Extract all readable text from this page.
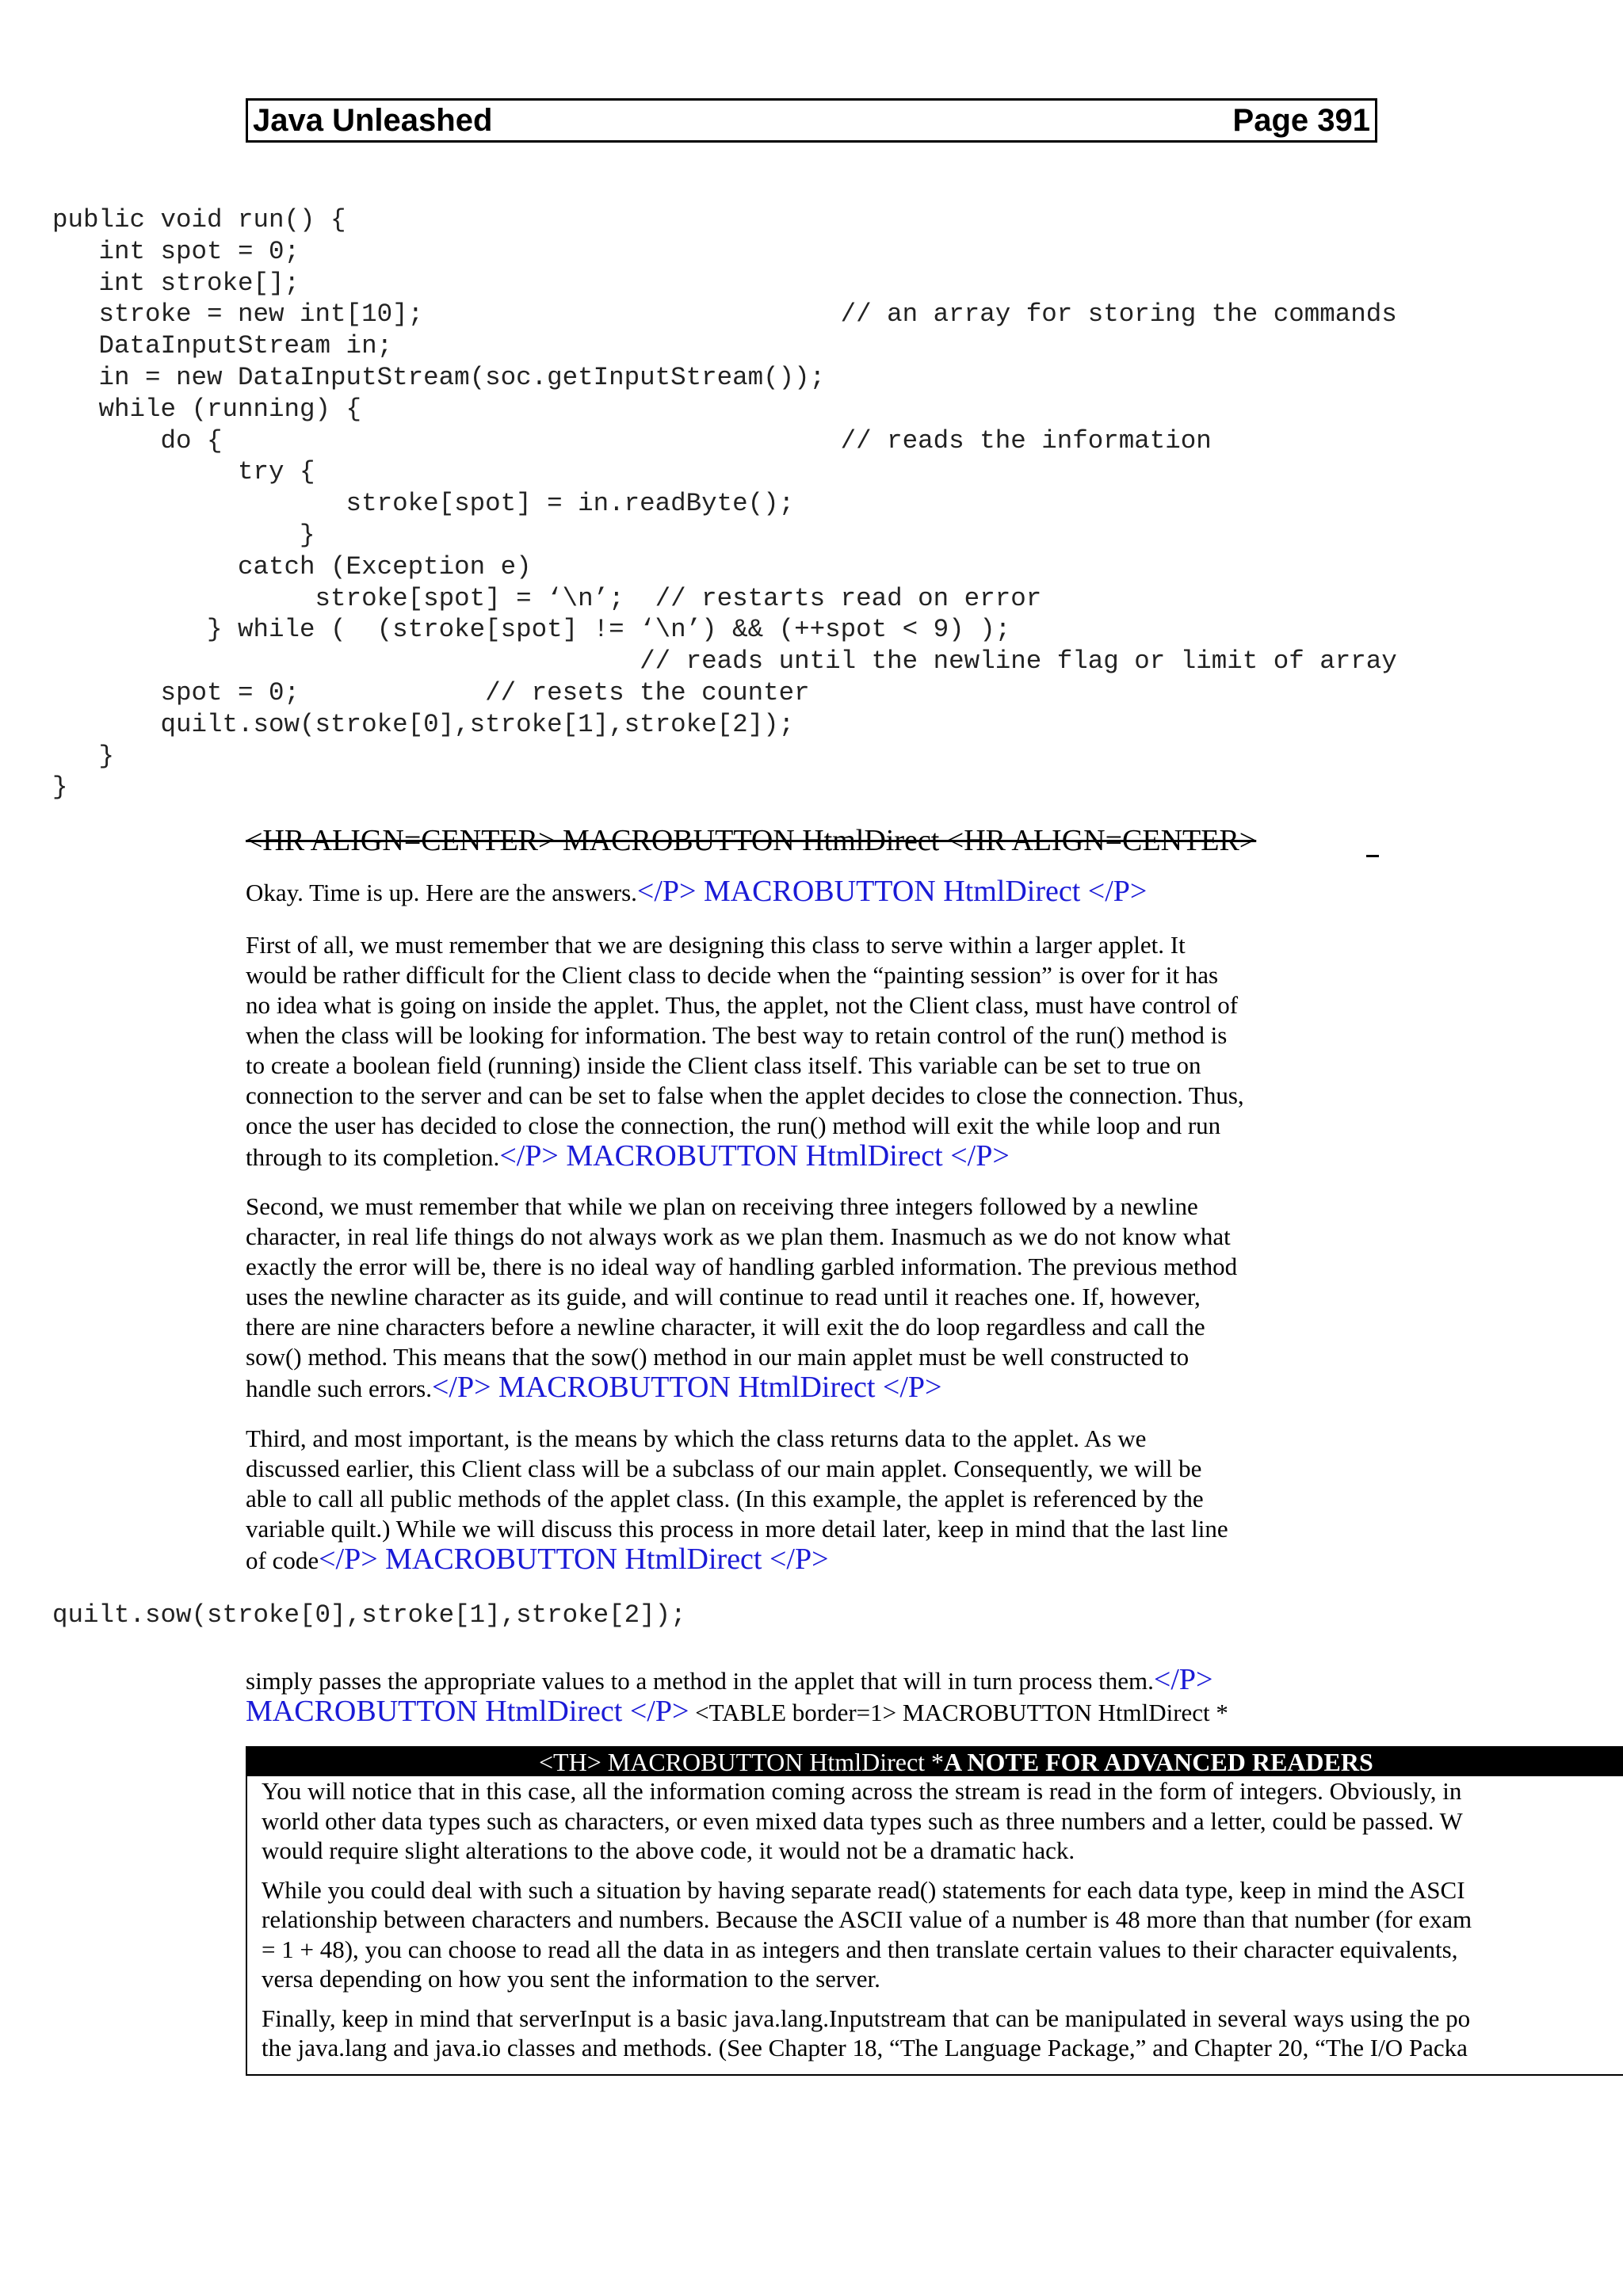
Java Unleashed	Page 391
public void run() {
int spot = 0;
int stroke[];
stroke = new int[10];                           // an array for storing the commands
DataInputStream in;
in = new DataInputStream(soc.getInputStream());
while (running) {
do {                                        // reads the information
try {
stroke[spot] = in.readByte();
}
catch (Exception e)
stroke[spot] = ‘\n’;  // restarts read on error
} while (  (stroke[spot] != ‘\n’) && (++spot < 9) );
// reads until the newline flag or limit of array
spot = 0;            // resets the counter
quilt.sow(stroke[0],stroke[1],stroke[2]);
}
}
<HR ALIGN=CENTER> MACROBUTTON HtmlDirect <HR ALIGN=CENTER>
Okay. Time is up. Here are the answers.</P> MACROBUTTON HtmlDirect </P>
First of all, we must remember that we are designing this class to serve within a larger applet. It
would be rather difficult for the Client class to decide when the “painting session” is over for it has
no idea what is going on inside the applet. Thus, the applet, not the Client class, must have control of
when the class will be looking for information. The best way to retain control of the run() method is
to create a boolean field (running) inside the Client class itself. This variable can be set to true on
connection to the server and can be set to false when the applet decides to close the connection. Thus,
once the user has decided to close the connection, the run() method will exit the while loop and run
through to its completion.</P> MACROBUTTON HtmlDirect </P>
Second, we must remember that while we plan on receiving three integers followed by a newline
character, in real life things do not always work as we plan them. Inasmuch as we do not know what
exactly the error will be, there is no ideal way of handling garbled information. The previous method
uses the newline character as its guide, and will continue to read until it reaches one. If, however,
there are nine characters before a newline character, it will exit the do loop regardless and call the
sow() method. This means that the sow() method in our main applet must be well constructed to
handle such errors.</P> MACROBUTTON HtmlDirect </P>
Third, and most important, is the means by which the class returns data to the applet. As we
discussed earlier, this Client class will be a subclass of our main applet. Consequently, we will be
able to call all public methods of the applet class. (In this example, the applet is referenced by the
variable quilt.) While we will discuss this process in more detail later, keep in mind that the last line
of code</P> MACROBUTTON HtmlDirect </P>
quilt.sow(stroke[0],stroke[1],stroke[2]);
simply passes the appropriate values to a method in the applet that will in turn process them.</P>
MACROBUTTON HtmlDirect </P> <TABLE border=1> MACROBUTTON HtmlDirect *
<TH> MACROBUTTON HtmlDirect *A NOTE FOR ADVANCED READERS

You will notice that in this case, all the information coming across the stream is read in the form of integers. Obviously, in
world other data types such as characters, or even mixed data types such as three numbers and a letter, could be passed. W
would require slight alterations to the above code, it would not be a dramatic hack.

While you could deal with such a situation by having separate read() statements for each data type, keep in mind the ASCI
relationship between characters and numbers. Because the ASCII value of a number is 48 more than that number (for exam
= 1 + 48), you can choose to read all the data in as integers and then translate certain values to their character equivalents,
versa depending on how you sent the information to the server.

Finally, keep in mind that serverInput is a basic java.lang.Inputstream that can be manipulated in several ways using the po
the java.lang and java.io classes and methods. (See Chapter 18, “The Language Package,” and Chapter 20, “The I/O Packa
